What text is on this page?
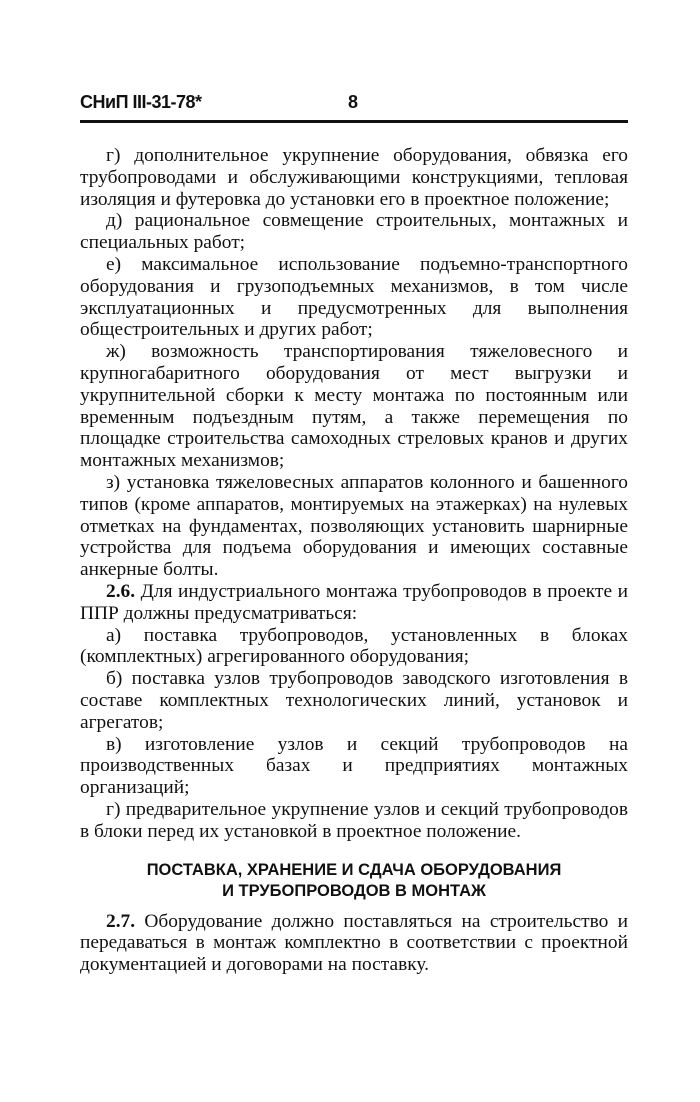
СНиП III-31-78*	8

г) дополнительное укрупнение оборудования, обвязка его трубопроводами и обслуживающими конструкциями, тепловая изоляция и футеровка до установки его в проектное положение;

д) рациональное совмещение строительных, монтажных и специальных работ;

е) максимальное использование подъемно-транспортного оборудования и грузоподъемных механизмов, в том числе эксплуатационных и предусмотренных для выполнения общестроительных и других работ;

ж) возможность транспортирования тяжеловесного и крупногабаритного оборудования от мест выгрузки и укрупнительной сборки к месту монтажа по постоянным или временным подъездным путям, а также перемещения по площадке строительства самоходных стреловых кранов и других монтажных механизмов;

з) установка тяжеловесных аппаратов колонного и башенного типов (кроме аппаратов, монтируемых на этажерках) на нулевых отметках на фундаментах, позволяющих установить шарнирные устройства для подъема оборудования и имеющих составные анкерные болты.

2.6. Для индустриального монтажа трубопроводов в проекте и ППР должны предусматриваться:

а) поставка трубопроводов, установленных в блоках (комплектных) агрегированного оборудования;

б) поставка узлов трубопроводов заводского изготовления в составе комплектных технологических линий, установок и агрегатов;

в) изготовление узлов и секций трубопроводов на производственных базах и предприятиях монтажных организаций;

г) предварительное укрупнение узлов и секций трубопроводов в блоки перед их установкой в проектное положение.

ПОСТАВКА, ХРАНЕНИЕ И СДАЧА ОБОРУДОВАНИЯ
И ТРУБОПРОВОДОВ В МОНТАЖ

2.7. Оборудование должно поставляться на строительство и передаваться в монтаж комплектно в соответствии с проектной документацией и договорами на поставку.
